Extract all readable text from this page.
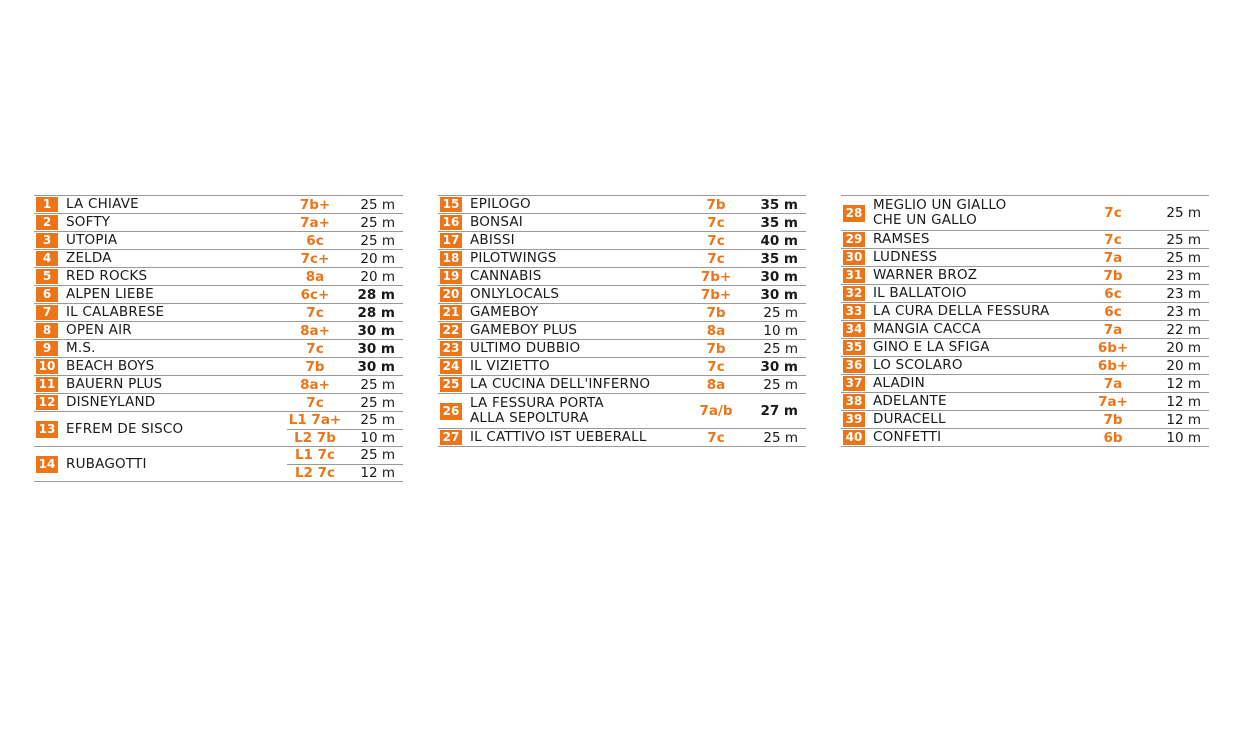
1	LA CHIAVE	7b+	25 m
2	SOFTY	7a+	25 m
3	UTOPIA	6c	25 m
4	ZELDA	7c+	20 m
5	RED ROCKS	8a	20 m
6	ALPEN LIEBE	6c+	28 m
7	IL CALABRESE	7c	28 m
8	OPEN AIR	8a+	30 m
9	M.S.	7c	30 m
10 BEACH BOYS	7b	30 m
11 BAUERN PLUS	8a+	25 m
12 DISNEYLAND	7c	25 m
13 EFREM DE SISCO
L1 7a+	25 m
L2 7b	10 m
14 RUBAGOTTI
L1 7c	25 m
L2 7c	12 m
15 EPILOGO	7b	35 m
16 BONSAI	7c	35 m
17 ABISSI	7c	40 m
18 PILOTWINGS	7c	35 m
19 CANNABIS	7b+	30 m
20 ONLYLOCALS	7b+	30 m
21 GAMEBOY	7b	25 m
22 GAMEBOY PLUS	8a	10 m
23 ULTIMO DUBBIO	7b	25 m
24 IL VIZIETTO	7c	30 m
25 LA CUCINA DELL'INFERNO	8a	25 m
26 LA FESSURA PORTA
ALLA SEPOLTURA	7a/b	27 m
27 IL CATTIVO IST UEBERALL	7c	25 m
28 MEGLIO UN GIALLO
CHE UN GALLO	7c	25 m
29 RAMSES	7c	25 m
30 LUDNESS	7a	25 m
31 WARNER BROZ	7b	23 m
32 IL BALLATOIO	6c	23 m
33 LA CURA DELLA FESSURA	6c	23 m
34 MANGIA CACCA	7a	22 m
35 GINO E LA SFIGA	6b+	20 m
36 LO SCOLARO	6b+	20 m
37 ALADIN	7a	12 m
38 ADELANTE	7a+	12 m
39 DURACELL	7b	12 m
40 CONFETTI	6b	10 m
